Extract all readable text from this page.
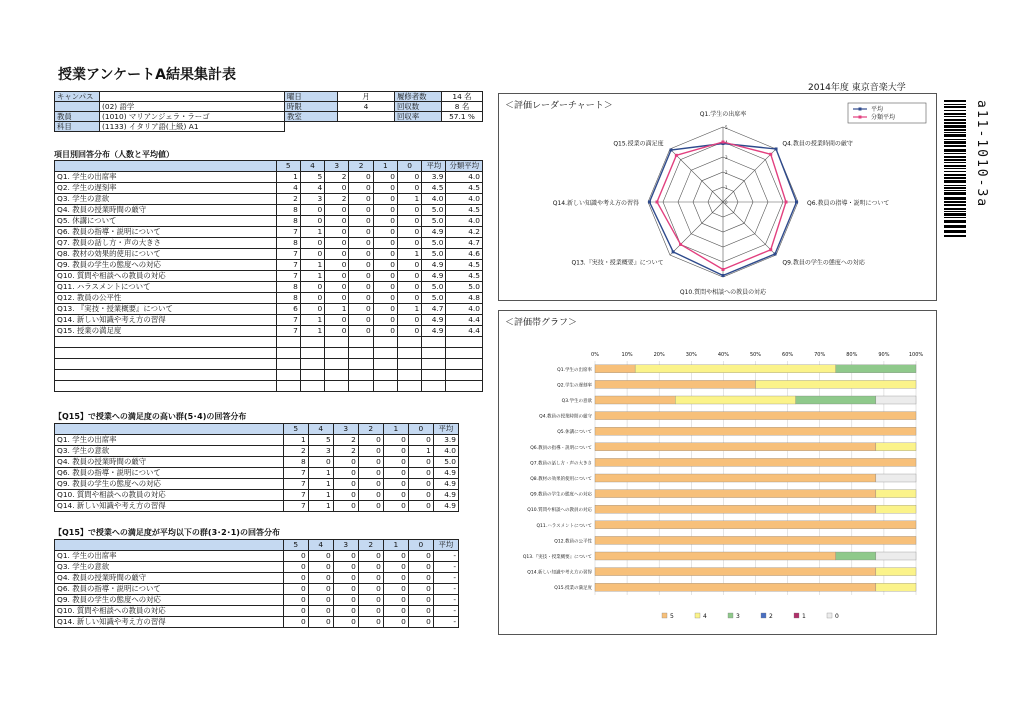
授業アンケートA結果集計表
2014年度 東京音楽大学
キャンパス		曜日	月	履修者数	14 名
	(02) 語学	時限	4	回収数	8 名
教員	(1010) マリアンジェラ・ラーゴ	教室		回収率	57.1 %
科目	(1133) イタリア語(上級) A1				
項目別回答分布（人数と平均値）
	5	4	3	2	1	0	平均	分類平均
Q1. 学生の出席率	1	5	2	0	0	0	3.9	4.0
Q2. 学生の遅刻率	4	4	0	0	0	0	4.5	4.5
Q3. 学生の意欲	2	3	2	0	0	1	4.0	4.0
Q4. 教員の授業時間の厳守	8	0	0	0	0	0	5.0	4.5
Q5. 休講について	8	0	0	0	0	0	5.0	4.0
Q6. 教員の指導・説明について	7	1	0	0	0	0	4.9	4.2
Q7. 教員の話し方・声の大きさ	8	0	0	0	0	0	5.0	4.7
Q8. 教材の効果的使用について	7	0	0	0	0	1	5.0	4.6
Q9. 教員の学生の態度への対応	7	1	0	0	0	0	4.9	4.5
Q10. 質問や相談への教員の対応	7	1	0	0	0	0	4.9	4.5
Q11. ハラスメントについて	8	0	0	0	0	0	5.0	5.0
Q12. 教員の公平性	8	0	0	0	0	0	5.0	4.8
Q13. 『実技・授業概要』について	6	0	1	0	0	1	4.7	4.0
Q14. 新しい知識や考え方の習得	7	1	0	0	0	0	4.9	4.4
Q15. 授業の満足度	7	1	0	0	0	0	4.9	4.4

【Q15】で授業への満足度の高い群(5･4)の回答分布
	5	4	3	2	1	0	平均
Q1. 学生の出席率	1	5	2	0	0	0	3.9
Q3. 学生の意欲	2	3	2	0	0	1	4.0
Q4. 教員の授業時間の厳守	8	0	0	0	0	0	5.0
Q6. 教員の指導・説明について	7	1	0	0	0	0	4.9
Q9. 教員の学生の態度への対応	7	1	0	0	0	0	4.9
Q10. 質問や相談への教員の対応	7	1	0	0	0	0	4.9
Q14. 新しい知識や考え方の習得	7	1	0	0	0	0	4.9
【Q15】で授業への満足度が平均以下の群(3･2･1)の回答分布
	5	4	3	2	1	0	平均
Q1. 学生の出席率	0	0	0	0	0	0	-
Q3. 学生の意欲	0	0	0	0	0	0	-
Q4. 教員の授業時間の厳守	0	0	0	0	0	0	-
Q6. 教員の指導・説明について	0	0	0	0	0	0	-
Q9. 教員の学生の態度への対応	0	0	0	0	0	0	-
Q10. 質問や相談への教員の対応	0	0	0	0	0	0	-
Q14. 新しい知識や考え方の習得	0	0	0	0	0	0	-
＜評価レーダーチャート＞
0
1
2
3
4
5
Q1.学生の出席率
Q4.教員の授業時間の厳守
Q6.教員の指導・説明について
Q9.教員の学生の態度への対応
Q10.質問や相談への教員の対応
Q13.『実技・授業概要』について
Q14.新しい知識や考え方の習得
Q15.授業の満足度
平均
分類平均
＜評価帯グラフ＞
0%	10%	20%	30%	40%	50%	60%	70%	80%	90%	100%
Q1.学生の出席率
Q2.学生の遅刻率
Q3.学生の意欲
Q4.教員の授業時間の厳守
Q5.休講について
Q6.教員の指導・説明について
Q7.教員の話し方・声の大きさ
Q8.教材の効果的使用について
Q9.教員の学生の態度への対応
Q10.質問や相談への教員の対応
Q11.ハラスメントについて
Q12.教員の公平性
Q13.『実技・授業概要』について
Q14.新しい知識や考え方の習得
Q15.授業の満足度
5	4	3	2	1	0
a11-1010-3a
